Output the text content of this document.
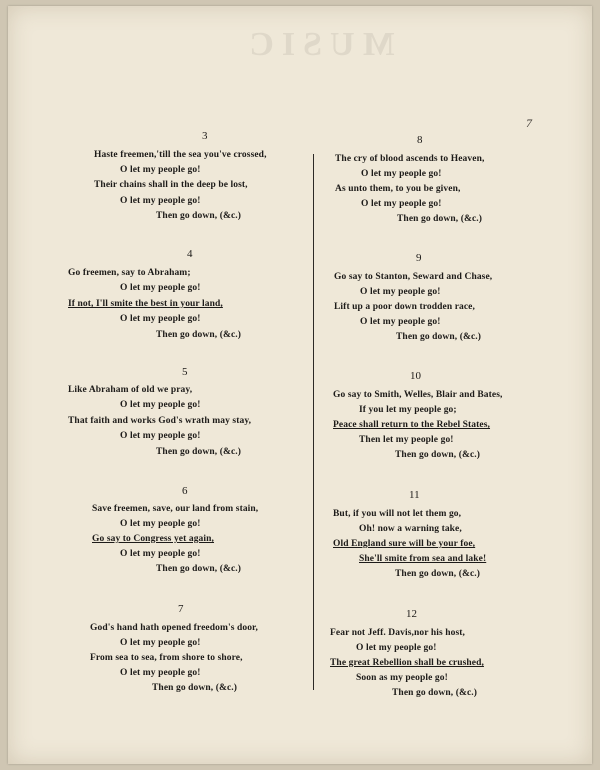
MUSIC
7
3
Haste freemen,'till the sea you've crossed,
O let my people go!
Their chains shall in the deep be lost,
O let my people go!
Then go down, (&c.)
4
Go freemen, say to Abraham;
O let my people go!
If not, I'll smite the best in your land,
O let my people go!
Then go down, (&c.)
5
Like Abraham of old we pray,
O let my people go!
That faith and works God's wrath may stay,
O let my people go!
Then go down, (&c.)
6
Save freemen, save, our land from stain,
O let my people go!
Go say to Congress yet again,
O let my people go!
Then go down, (&c.)
7
God's hand hath opened freedom's door,
O let my people go!
From sea to sea, from shore to shore,
O let my people go!
Then go down, (&c.)
8
The cry of blood ascends to Heaven,
O let my people go!
As unto them, to you be given,
O let my people go!
Then go down, (&c.)
9
Go say to Stanton, Seward and Chase,
O let my people go!
Lift up a poor down trodden race,
O let my people go!
Then go down, (&c.)
10
Go say to Smith, Welles, Blair and Bates,
If you let my people go;
Peace shall return to the Rebel States,
Then let my people go!
Then go down, (&c.)
11
But, if you will not let them go,
Oh! now a warning take,
Old England sure will be your foe,
She'll smite from sea and lake!
Then go down, (&c.)
12
Fear not Jeff. Davis,nor his host,
O let my people go!
The great Rebellion shall be crushed,
Soon as my people go!
Then go down, (&c.)
